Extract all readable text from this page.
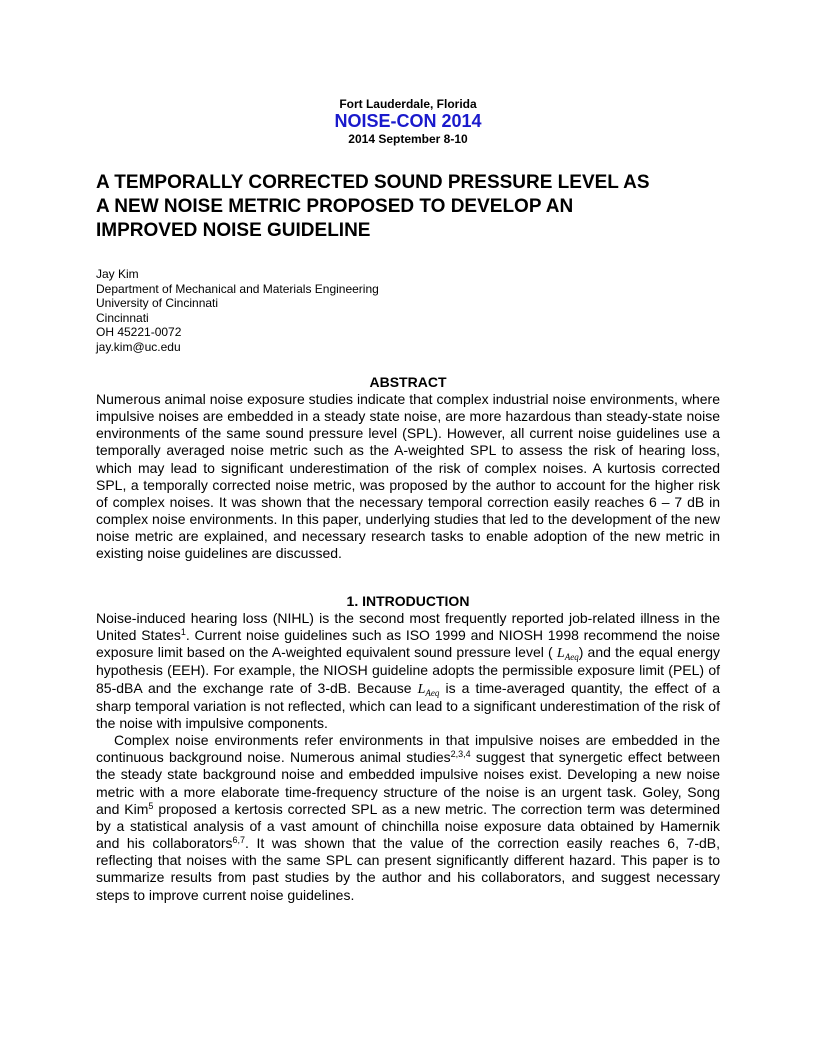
Fort Lauderdale, Florida
NOISE-CON 2014
2014 September 8-10
A TEMPORALLY CORRECTED SOUND PRESSURE LEVEL AS
A NEW NOISE METRIC PROPOSED TO DEVELOP AN
IMPROVED NOISE GUIDELINE
Jay Kim
Department of Mechanical and Materials Engineering
University of Cincinnati
Cincinnati
OH 45221-0072
jay.kim@uc.edu
ABSTRACT

Numerous animal noise exposure studies indicate that complex industrial noise environments, where impulsive noises are embedded in a steady state noise, are more hazardous than steady-state noise environments of the same sound pressure level (SPL). However, all current noise guidelines use a temporally averaged noise metric such as the A-weighted SPL to assess the risk of hearing loss, which may lead to significant underestimation of the risk of complex noises. A kurtosis corrected SPL, a temporally corrected noise metric, was proposed by the author to account for the higher risk of complex noises. It was shown that the necessary temporal correction easily reaches 6 – 7 dB in complex noise environments. In this paper, underlying studies that led to the development of the new noise metric are explained, and necessary research tasks to enable adoption of the new metric in existing noise guidelines are discussed.

1. INTRODUCTION

Noise-induced hearing loss (NIHL) is the second most frequently reported job-related illness in the United States$^1$. Current noise guidelines such as ISO 1999 and NIOSH 1998 recommend the noise exposure limit based on the A-weighted equivalent sound pressure level ( $L_{Aeq}$) and the equal energy hypothesis (EEH). For example, the NIOSH guideline adopts the permissible exposure limit (PEL) of 85-dBA and the exchange rate of 3-dB. Because $L_{Aeq}$ is a time-averaged quantity, the effect of a sharp temporal variation is not reflected, which can lead to a significant underestimation of the risk of the noise with impulsive components.

Complex noise environments refer environments in that impulsive noises are embedded in the continuous background noise. Numerous animal studies$^{2,3,4}$ suggest that synergetic effect between the steady state background noise and embedded impulsive noises exist. Developing a new noise metric with a more elaborate time-frequency structure of the noise is an urgent task. Goley, Song and Kim$^5$ proposed a kertosis corrected SPL as a new metric. The correction term was determined by a statistical analysis of a vast amount of chinchilla noise exposure data obtained by Hamernik and his collaborators$^{6,7}$. It was shown that the value of the correction easily reaches 6, 7-dB, reflecting that noises with the same SPL can present significantly different hazard. This paper is to summarize results from past studies by the author and his collaborators, and suggest necessary steps to improve current noise guidelines.
